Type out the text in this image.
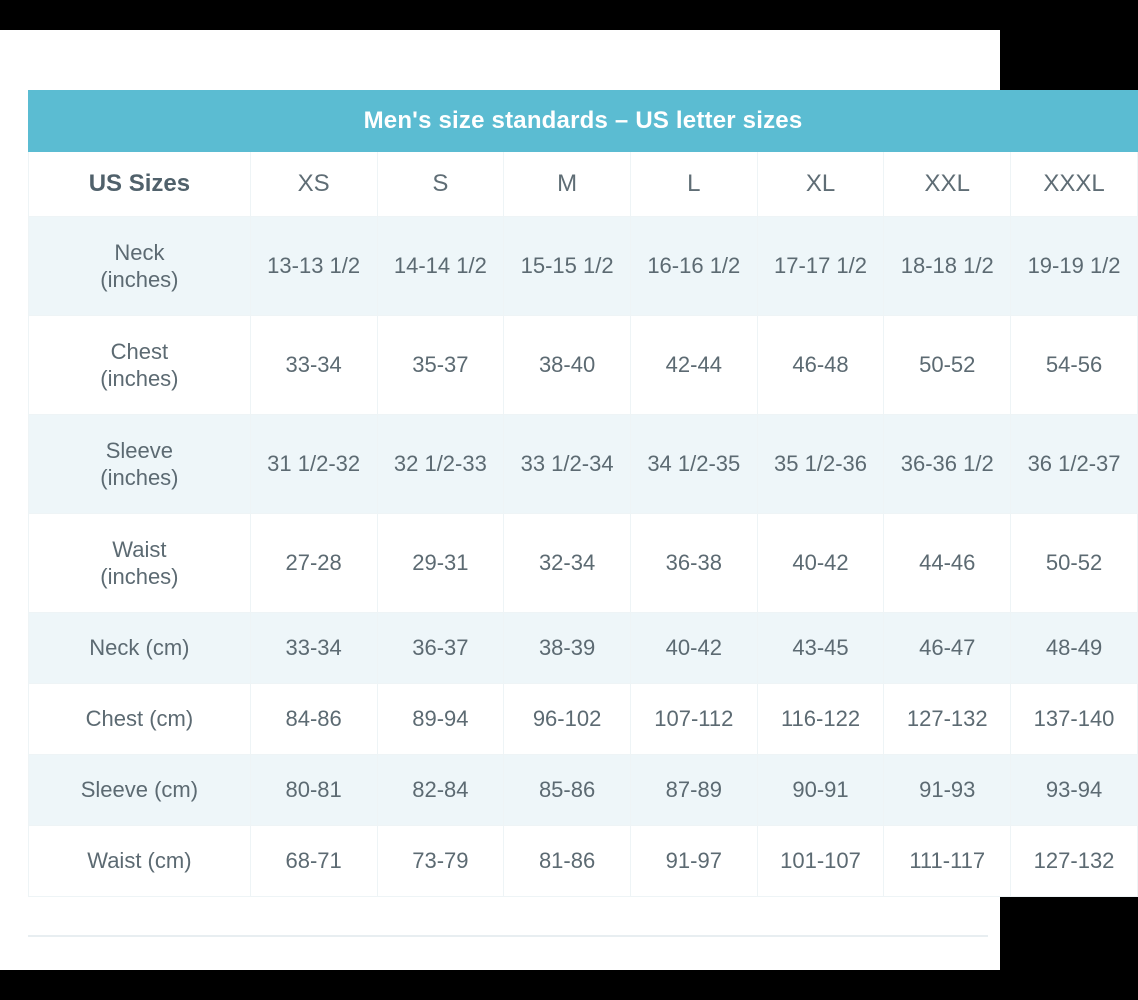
Men's size standards – US letter sizes							
US Sizes	XS	S	M	L	XL	XXL	XXXL

Neck
(inches)	13-13 1/2	14-14 1/2	15-15 1/2	16-16 1/2	17-17 1/2	18-18 1/2	19-19 1/2

Chest
(inches)	33-34	35-37	38-40	42-44	46-48	50-52	54-56

Sleeve
(inches)	31 1/2-32	32 1/2-33	33 1/2-34	34 1/2-35	35 1/2-36	36-36 1/2	36 1/2-37

Waist
(inches)	27-28	29-31	32-34	36-38	40-42	44-46	50-52
Neck (cm)	33-34	36-37	38-39	40-42	43-45	46-47	48-49
Chest (cm)	84-86	89-94	96-102	107-112	116-122	127-132	137-140
Sleeve (cm)	80-81	82-84	85-86	87-89	90-91	91-93	93-94
Waist (cm)	68-71	73-79	81-86	91-97	101-107	111-117	127-132
